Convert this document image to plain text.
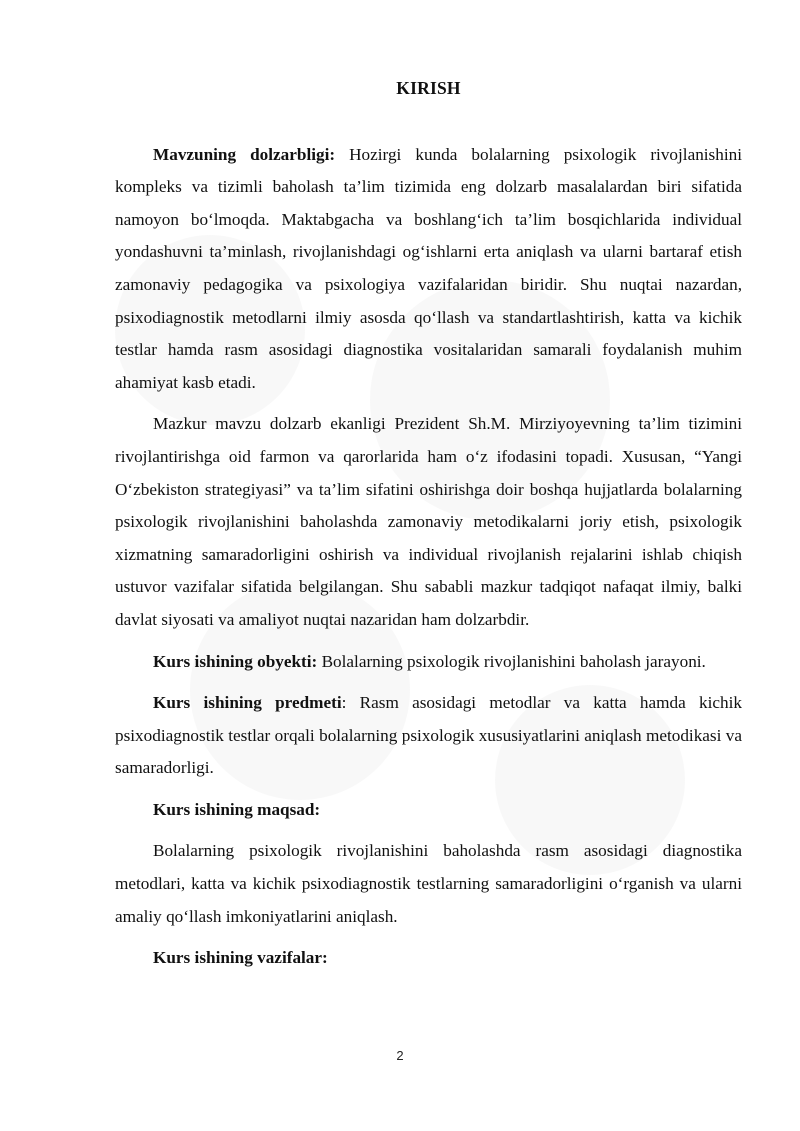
KIRISH

Mavzuning dolzarbligi: Hozirgi kunda bolalarning psixologik rivojlanishini kompleks va tizimli baholash ta’lim tizimida eng dolzarb masalalardan biri sifatida namoyon bo‘lmoqda. Maktabgacha va boshlang‘ich ta’lim bosqichlarida individual yondashuvni ta’minlash, rivojlanishdagi og‘ishlarni erta aniqlash va ularni bartaraf etish zamonaviy pedagogika va psixologiya vazifalaridan biridir. Shu nuqtai nazardan, psixodiagnostik metodlarni ilmiy asosda qo‘llash va standartlashtirish, katta va kichik testlar hamda rasm asosidagi diagnostika vositalaridan samarali foydalanish muhim ahamiyat kasb etadi.

Mazkur mavzu dolzarb ekanligi Prezident Sh.M. Mirziyoyevning ta’lim tizimini rivojlantirishga oid farmon va qarorlarida ham o‘z ifodasini topadi. Xususan, “Yangi O‘zbekiston strategiyasi” va ta’lim sifatini oshirishga doir boshqa hujjatlarda bolalarning psixologik rivojlanishini baholashda zamonaviy metodikalarni joriy etish, psixologik xizmatning samaradorligini oshirish va individual rivojlanish rejalarini ishlab chiqish ustuvor vazifalar sifatida belgilangan. Shu sababli mazkur tadqiqot nafaqat ilmiy, balki davlat siyosati va amaliyot nuqtai nazaridan ham dolzarbdir.

Kurs ishining obyekti: Bolalarning psixologik rivojlanishini baholash jarayoni.

Kurs ishining predmeti: Rasm asosidagi metodlar va katta hamda kichik psixodiagnostik testlar orqali bolalarning psixologik xususiyatlarini aniqlash metodikasi va samaradorligi.

Kurs ishining maqsad:

Bolalarning psixologik rivojlanishini baholashda rasm asosidagi diagnostika metodlari, katta va kichik psixodiagnostik testlarning samaradorligini o‘rganish va ularni amaliy qo‘llash imkoniyatlarini aniqlash.

Kurs ishining vazifalar:

2
